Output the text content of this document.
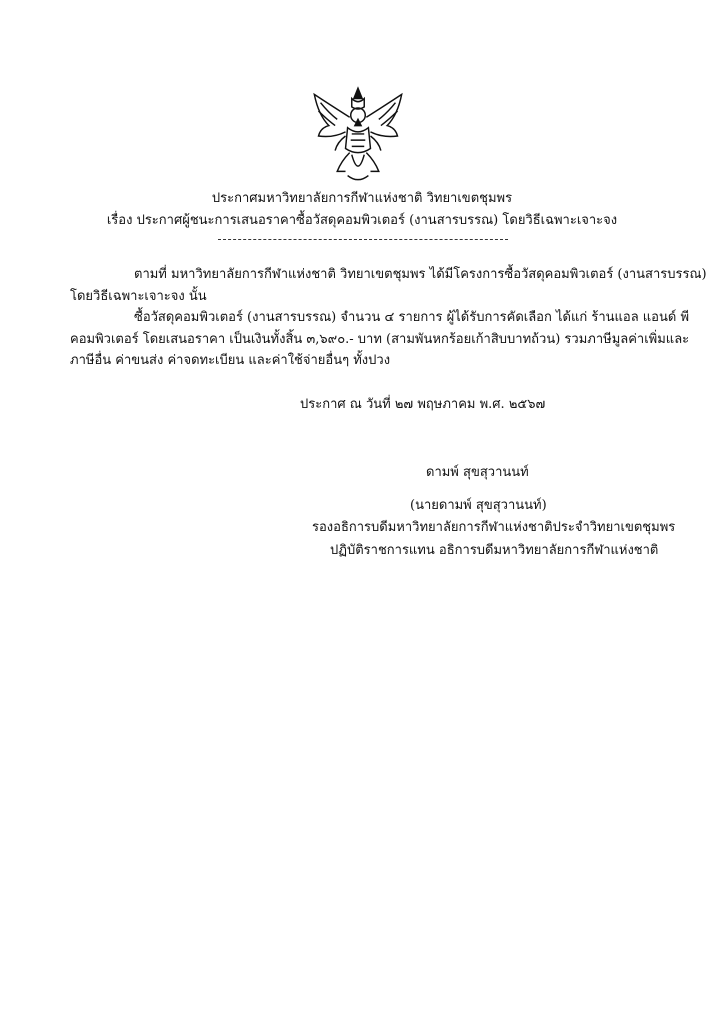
ประกาศมหาวิทยาลัยการกีฬาแห่งชาติ วิทยาเขตชุมพร
เรื่อง ประกาศผู้ชนะการเสนอราคาซื้อวัสดุคอมพิวเตอร์ (งานสารบรรณ) โดยวิธีเฉพาะเจาะจง
ตามที่ มหาวิทยาลัยการกีฬาแห่งชาติ วิทยาเขตชุมพร ได้มีโครงการซื้อวัสดุคอมพิวเตอร์ (งานสารบรรณ)
โดยวิธีเฉพาะเจาะจง นั้น
ซื้อวัสดุคอมพิวเตอร์ (งานสารบรรณ) จำนวน ๔ รายการ ผู้ได้รับการคัดเลือก ได้แก่ ร้านแอล แอนด์ พี
คอมพิวเตอร์ โดยเสนอราคา เป็นเงินทั้งสิ้น ๓,๖๙๐.- บาท (สามพันหกร้อยเก้าสิบบาทถ้วน) รวมภาษีมูลค่าเพิ่มและ
ภาษีอื่น ค่าขนส่ง ค่าจดทะเบียน และค่าใช้จ่ายอื่นๆ ทั้งปวง
ประกาศ ณ วันที่ ๒๗ พฤษภาคม พ.ศ. ๒๕๖๗
ดามพ์ สุขสุวานนท์
(นายดามพ์ สุขสุวานนท์)
รองอธิการบดีมหาวิทยาลัยการกีฬาแห่งชาติประจำวิทยาเขตชุมพร
ปฏิบัติราชการแทน อธิการบดีมหาวิทยาลัยการกีฬาแห่งชาติ
